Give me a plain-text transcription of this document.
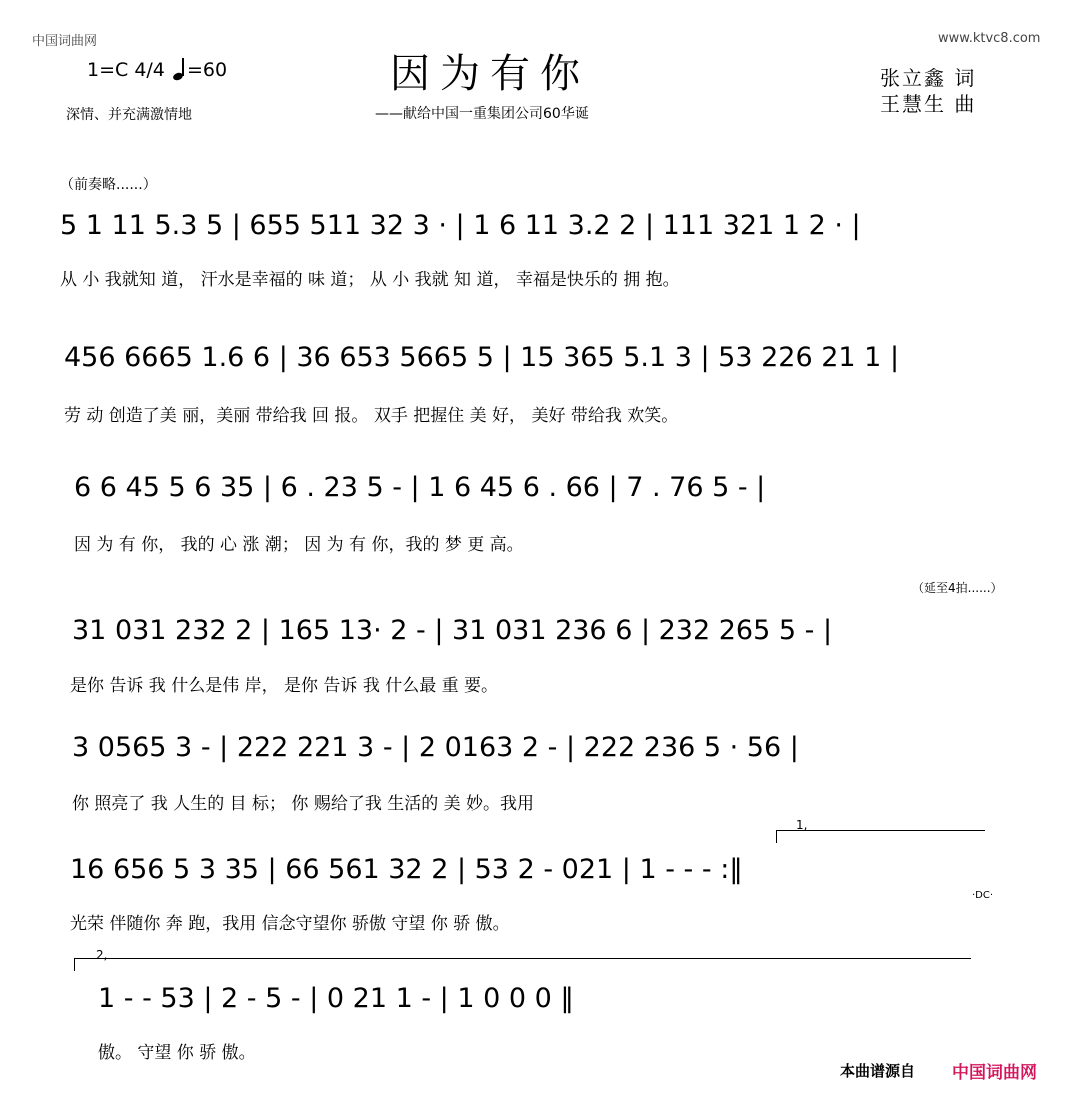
中国词曲网	www.ktvc8.com
1=C 4/4 =60	因为有你
——献给中国一重集团公司60华诞
张立鑫 词
王慧生 曲
深情、并充满激情地
（前奏略......）
（延至4拍......）
5 1 11 5.3 5 | 655 511 32 3 · | 1 6 11 3.2 2 | 111 321 1 2 · |
从 小 我就知 道， 汗水是幸福的 味 道； 从 小 我就 知 道， 幸福是快乐的 拥 抱。
456 6665 1.6 6 | 36 653 5665 5 | 15 365 5.1 3 | 53 226 21 1 |
劳 动 创造了美 丽，美丽 带给我 回 报。 双手 把握住 美 好， 美好 带给我 欢笑。
6 6 45 5 6 35 | 6 . 23 5 - | 1 6 45 6 . 66 | 7 . 76 5 - |
因 为 有 你， 我的 心 涨 潮； 因 为 有 你，我的 梦 更 高。
31 031 232 2 | 165 13· 2 - | 31 031 236 6 | 232 265 5 - |
是你 告诉 我 什么是伟 岸， 是你 告诉 我 什么最 重 要。
3 0565 3 - | 222 221 3 - | 2 0163 2 - | 222 236 5 · 56 |
你 照亮了 我 人生的 目 标； 你 赐给了我 生活的 美 妙。我用
1,
16 656 5 3 35 | 66 561 32 2 | 53 2 - 021 | 1 - - - :‖
光荣 伴随你 奔 跑，我用 信念守望你 骄傲 守望 你 骄 傲。
·DC·
2,
1 - - 53 | 2 - 5 - | 0 21 1 - | 1 0 0 0 ‖
傲。 守望 你 骄 傲。
本曲谱源自 中国词曲网
